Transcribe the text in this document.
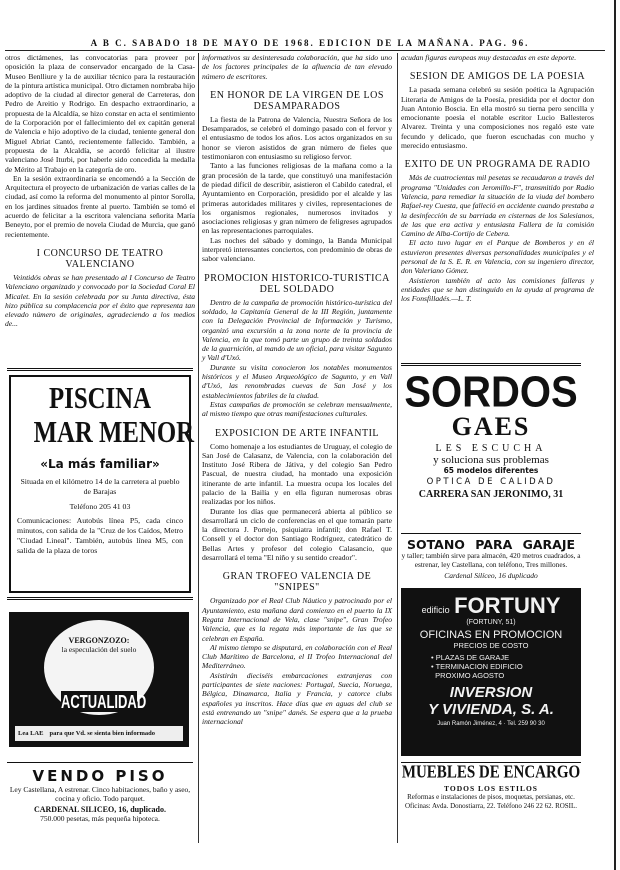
A B C. SABADO 18 DE MAYO DE 1968. EDICION DE LA MAÑANA. PAG. 96.

otros dictámenes, las convocatorias para proveer por oposición la plaza de conservador encargado de la Casa-Museo Benlliure y la de auxiliar técnico para la restauración de la pintura artística municipal. Otro dictamen nombraba hijo adoptivo de la ciudad al director general de Carreteras, don Pedro de Areitio y Rodrigo. En despacho extraordinario, a propuesta de la Alcaldía, se hizo constar en acta el sentimiento de la Corporación por el fallecimiento del ex capitán general de Valencia e hijo adoptivo de la ciudad, teniente general don Miguel Abriat Cantó, recientemente fallecido. También, a propuesta de la Alcaldía, se acordó felicitar al ilustre valenciano José Iturbi, por haberle sido concedida la medalla de Mérito al Trabajo en la categoría de oro.

En la sesión extraordinaria se encomendó a la Sección de Arquitectura el proyecto de urbanización de varias calles de la ciudad, así como la reforma del monumento al pintor Sorolla, en los jardines situados frente al puerto. También se tomó el acuerdo de felicitar a la escritora valenciana señorita María Beneyto, por el premio de novela Ciudad de Murcia, que ganó recientemente.

I CONCURSO DE TEATRO VALENCIANO

Veintidós obras se han presentado al I Concurso de Teatro Valenciano organizado y convocado por la Sociedad Coral El Micalet. En la sesión celebrada por su Junta directiva, ésta hizo pública su complacencia por el éxito que representa tan elevado número de originales, agradeciendo a los medios de...

PISCINA
MAR MENOR
«La más familiar»
Situada en el kilómetro 14 de la carretera al pueblo de Barajas
Teléfono 205 41 03
Comunicaciones: Autobús línea P5, cada cinco minutos, con salida de la "Cruz de los Caídos, Metro "Ciudad Lineal". También, autobús línea M5, con salida de la plaza de toros
VERGONZOZO:
la especulación del suelo
ACTUALIDAD
Lea LAE para que Vd. se sienta bien informado
VENDO PISO
Ley Castellana, A estrenar. Cinco habitaciones, baño y aseo, cocina y oficio. Todo parquet.
CARDENAL SILICEO, 16, duplicado.
750.000 pesetas, más pequeña hipoteca.

informativos su desinteresada colaboración, que ha sido uno de los factores principales de la afluencia de tan elevado número de escritores.

EN HONOR DE LA VIRGEN DE LOS DESAMPARADOS

La fiesta de la Patrona de Valencia, Nuestra Señora de los Desamparados, se celebró el domingo pasado con el fervor y el entusiasmo de todos los años. Los actos organizados en su honor se vieron asistidos de gran número de fieles que testimoniaron con entusiasmo su religioso fervor.

Tanto a las funciones religiosas de la mañana como a la gran procesión de la tarde, que constituyó una manifestación de piedad difícil de describir, asistieron el Cabildo catedral, el Ayuntamiento en Corporación, presidido por el alcalde y las primeras autoridades militares y civiles, representaciones de los organismos regionales, numerosos invitados y asociaciones religiosas y gran número de feligreses agrupados en las representaciones parroquiales.

Las noches del sábado y domingo, la Banda Municipal interpretó interesantes conciertos, con predominio de obras de sabor valenciano.

PROMOCION HISTORICO-TURISTICA DEL SOLDADO

Dentro de la campaña de promoción histórico-turística del soldado, la Capitanía General de la III Región, juntamente con la Delegación Provincial de Información y Turismo, organizó una excursión a la zona norte de la provincia de Valencia, en la que tomó parte un grupo de treinta soldados de la guarnición, al mando de un oficial, para visitar Sagunto y Vall d'Uxó.

Durante su visita conocieron los notables monumentos históricos y el Museo Arqueológico de Sagunto, y en Vall d'Uxó, las renombradas cuevas de San José y los establecimientos fabriles de la ciudad.

Estas campañas de promoción se celebran mensualmente, al mismo tiempo que otras manifestaciones culturales.

EXPOSICION DE ARTE INFANTIL

Como homenaje a los estudiantes de Uruguay, el colegio de San José de Calasanz, de Valencia, con la colaboración del Instituto José Ribera de Játiva, y del colegio San Pedro Pascual, de nuestra ciudad, ha montado una exposición itinerante de arte infantil. La muestra ocupa los locales del palacio de la Bailía y en ella figuran numerosas obras realizadas por los niños.

Durante los días que permanecerá abierta al público se desarrollará un ciclo de conferencias en el que tomarán parte la directora J. Portejo, psiquiatra infantil; don Rafael T. Consell y el doctor don Santiago Rodríguez, catedrático de Bellas Artes y profesor del colegio Calasancio, que desarrollará el tema "El niño y su sentido creador".

GRAN TROFEO VALENCIA DE "SNIPES"

Organizado por el Real Club Náutico y patrocinado por el Ayuntamiento, esta mañana dará comienzo en el puerto la IX Regata Internacional de Vela, clase "snipe", Gran Trofeo Valencia, que es la regata más importante de las que se celebran en España.

Al mismo tiempo se disputará, en colaboración con el Real Club Marítimo de Barcelona, el II Trofeo Internacional del Mediterráneo.

Asistirán dieciséis embarcaciones extranjeras con participantes de siete naciones: Portugal, Suecia, Noruega, Bélgica, Dinamarca, Italia y Francia, y catorce clubs españoles ya inscritos. Hace días que en aguas del club se está entrenando un "snipe" danés. Se espera que a la prueba internacional

acudan figuras europeas muy destacadas en este deporte.

SESION DE AMIGOS DE LA POESIA

La pasada semana celebró su sesión poética la Agrupación Literaria de Amigos de la Poesía, presidida por el doctor don Juan Antonio Boscia. En ella mostró su tierna pero sencilla y emocionante poesía el notable escritor Lucio Ballesteros Alvarez. Treinta y una composiciones nos regaló este vate fecundo y delicado, que fueron escuchadas con mucho y merecido entusiasmo.

EXITO DE UN PROGRAMA DE RADIO

Más de cuatrocientas mil pesetas se recaudaron a través del programa "Unidades con Jeromillo-F", transmitido por Radio Valencia, para remediar la situación de la viuda del bombero Rafael-rey Cuesta, que falleció en accidente cuando prestaba a la desinfección de su barriada en cisternas de los Salesianos, de las que era activa y entusiasta Fallera de la comisión Camino de Alba-Cortijo de Cebera.

El acto tuvo lugar en el Parque de Bomberos y en él estuvieron presentes diversas personalidades municipales y el personal de la S. E. R. en Valencia, con su ingeniero director, don Valeriano Gómez.

Asistieron también al acto las comisiones falleras y entidades que se han distinguido en la ayuda al programa de los Fonsfilladés.—L. T.

SORDOS
GAES
LES ESCUCHA
y soluciona sus problemas
65 modelos diferentes
OPTICA DE CALIDAD
CARRERA SAN JERONIMO, 31
SOTANO PARA GARAJE
y taller; también sirve para almacén, 420 metros cuadrados, a estrenar, ley Castellana, con teléfono, Tres millones.
Cardenal Silíceo, 16 duplicado
edificio FORTUNY
(FORTUNY, 51)
OFICINAS EN PROMOCION
PRECIOS DE COSTO
• PLAZAS DE GARAJE
• TERMINACION EDIFICIO
PROXIMO AGOSTO
INVERSION
Y VIVIENDA, S. A.
Juan Ramón Jiménez, 4 · Tel. 259 90 30
MUEBLES DE ENCARGO
TODOS LOS ESTILOS
Reformas e instalaciones de pisos, moquetas, persianas, etc.
Oficinas: Avda. Donostiarra, 22. Teléfono 246 22 62. ROSIL.
